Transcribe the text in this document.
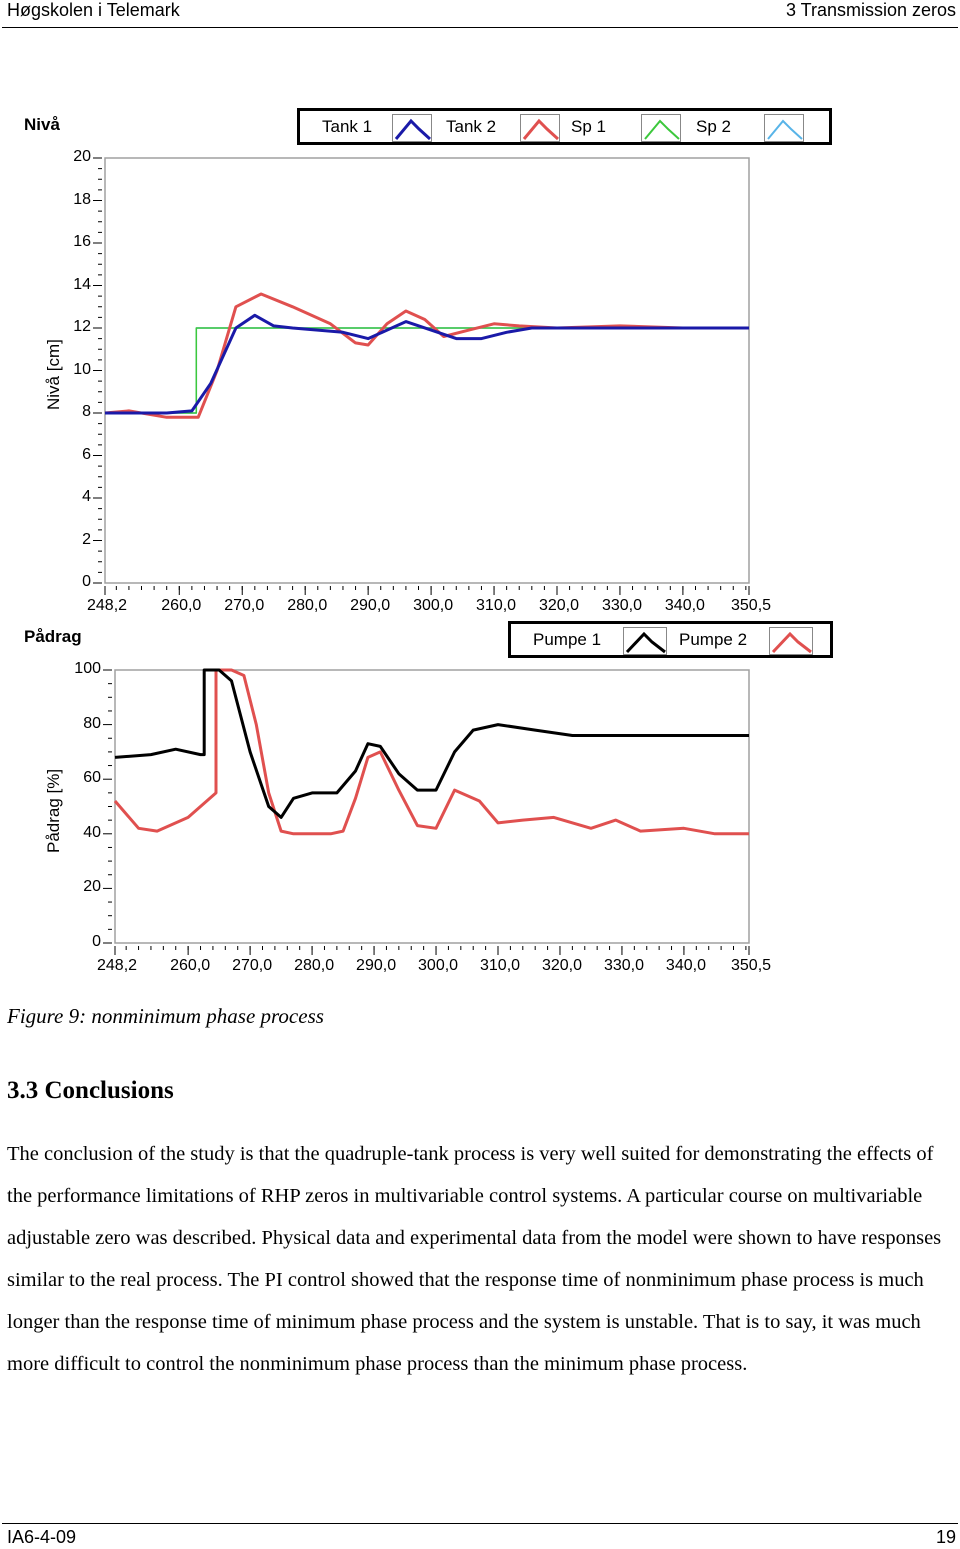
Høgskolen i Telemark	3 Transmission zeros
Nivå
Nivå [cm]
Tank 1	Tank 2	Sp 1	Sp 2
Pådrag
Pådrag [%]
Pumpe 1	Pumpe 2
0
2
4
6
8
10
12
14
16
18
20
248,2 260,0 270,0 280,0 290,0 300,0 310,0 320,0 330,0 340,0 350,5
0
20
40
60
80
100
248,2 260,0 270,0 280,0 290,0 300,0 310,0 320,0 330,0 340,0 350,5
Figure 9: nonminimum phase process
3.3 Conclusions

The conclusion of the study is that the quadruple-tank process is very well suited for demonstrating the effects of the performance limitations of RHP zeros in multivariable control systems. A particular course on multivariable adjustable zero was described. Physical data and experimental data from the model were shown to have responses similar to the real process. The PI control showed that the response time of nonminimum phase process is much longer than the response time of minimum phase process and the system is unstable. That is to say, it was much more difficult to control the nonminimum phase process than the minimum phase process.

IA6-4-09	19
